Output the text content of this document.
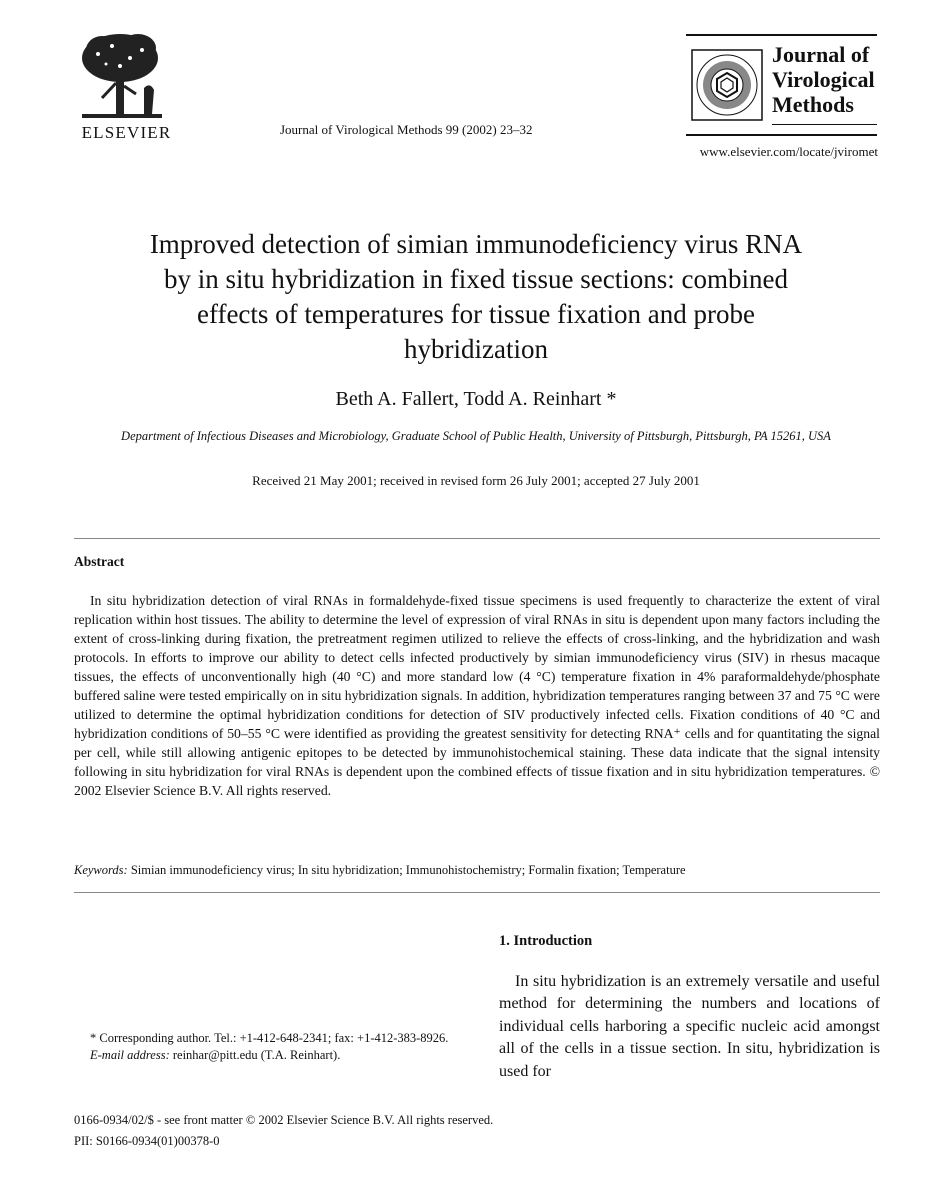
ELSEVIER	Journal of Virological Methods 99 (2002) 23–32
Journal of
Virological
Methods
www.elsevier.com/locate/jviromet
Improved detection of simian immunodeficiency virus RNA
by in situ hybridization in fixed tissue sections: combined
effects of temperatures for tissue fixation and probe
hybridization
Beth A. Fallert, Todd A. Reinhart *
Department of Infectious Diseases and Microbiology, Graduate School of Public Health, University of Pittsburgh, Pittsburgh, PA 15261, USA
Received 21 May 2001; received in revised form 26 July 2001; accepted 27 July 2001
Abstract
In situ hybridization detection of viral RNAs in formaldehyde-fixed tissue specimens is used frequently to characterize the extent of viral replication within host tissues. The ability to determine the level of expression of viral RNAs in situ is dependent upon many factors including the extent of cross-linking during fixation, the pretreatment regimen utilized to relieve the effects of cross-linking, and the hybridization and wash protocols. In efforts to improve our ability to detect cells infected productively by simian immunodeficiency virus (SIV) in rhesus macaque tissues, the effects of unconventionally high (40 °C) and more standard low (4 °C) temperature fixation in 4% paraformaldehyde/phosphate buffered saline were tested empirically on in situ hybridization signals. In addition, hybridization temperatures ranging between 37 and 75 °C were utilized to determine the optimal hybridization conditions for detection of SIV productively infected cells. Fixation conditions of 40 °C and hybridization conditions of 50–55 °C were identified as providing the greatest sensitivity for detecting RNA⁺ cells and for quantitating the signal per cell, while still allowing antigenic epitopes to be detected by immunohistochemical staining. These data indicate that the signal intensity following in situ hybridization for viral RNAs is dependent upon the combined effects of tissue fixation and in situ hybridization temperatures. © 2002 Elsevier Science B.V. All rights reserved.
Keywords: Simian immunodeficiency virus; In situ hybridization; Immunohistochemistry; Formalin fixation; Temperature
1. Introduction
In situ hybridization is an extremely versatile and useful method for determining the numbers and locations of individual cells harboring a specific nucleic acid amongst all of the cells in a tissue section. In situ, hybridization is used for
* Corresponding author. Tel.: +1-412-648-2341; fax: +1-412-383-8926.
E-mail address: reinhar@pitt.edu (T.A. Reinhart).
0166-0934/02/$ - see front matter © 2002 Elsevier Science B.V. All rights reserved.
PII: S0166-0934(01)00378-0
